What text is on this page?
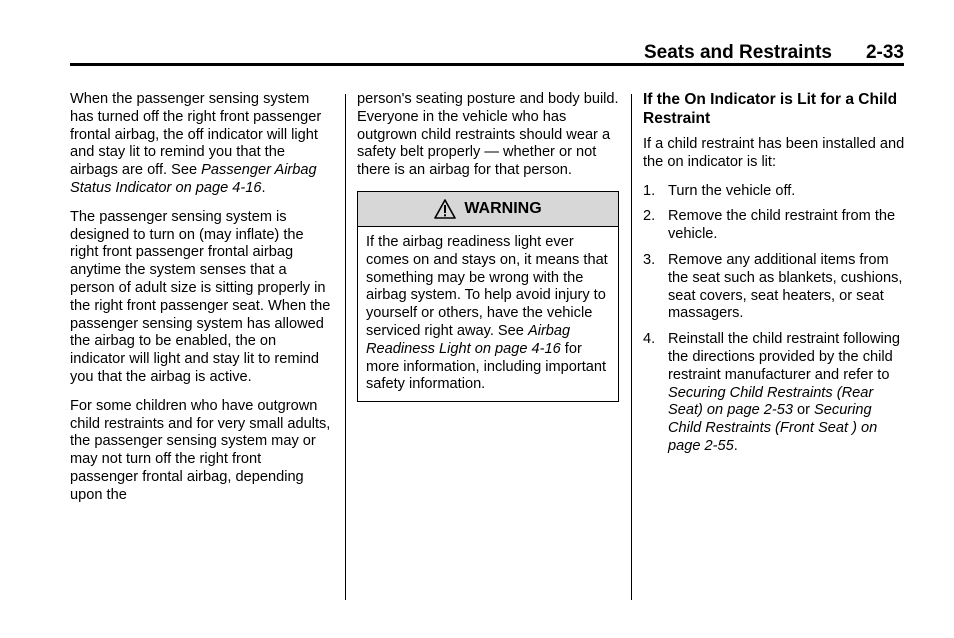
Seats and Restraints 2-33

When the passenger sensing system has turned off the right front passenger frontal airbag, the off indicator will light and stay lit to remind you that the airbags are off. See Passenger Airbag Status Indicator on page 4-16.

The passenger sensing system is designed to turn on (may inflate) the right front passenger frontal airbag anytime the system senses that a person of adult size is sitting properly in the right front passenger seat. When the passenger sensing system has allowed the airbag to be enabled, the on indicator will light and stay lit to remind you that the airbag is active.

For some children who have outgrown child restraints and for very small adults, the passenger sensing system may or may not turn off the right front passenger frontal airbag, depending upon the

person's seating posture and body build. Everyone in the vehicle who has outgrown child restraints should wear a safety belt properly — whether or not there is an airbag for that person.

WARNING
If the airbag readiness light ever comes on and stays on, it means that something may be wrong with the airbag system. To help avoid injury to yourself or others, have the vehicle serviced right away. See Airbag Readiness Light on page 4-16 for more information, including important safety information.
If the On Indicator is Lit for a Child Restraint

If a child restraint has been installed and the on indicator is lit:

1. Turn the vehicle off.
2. Remove the child restraint from the vehicle.
3. Remove any additional items from the seat such as blankets, cushions, seat covers, seat heaters, or seat massagers.
4. Reinstall the child restraint following the directions provided by the child restraint manufacturer and refer to Securing Child Restraints (Rear Seat) on page 2-53 or Securing Child Restraints (Front Seat ) on page 2-55.
